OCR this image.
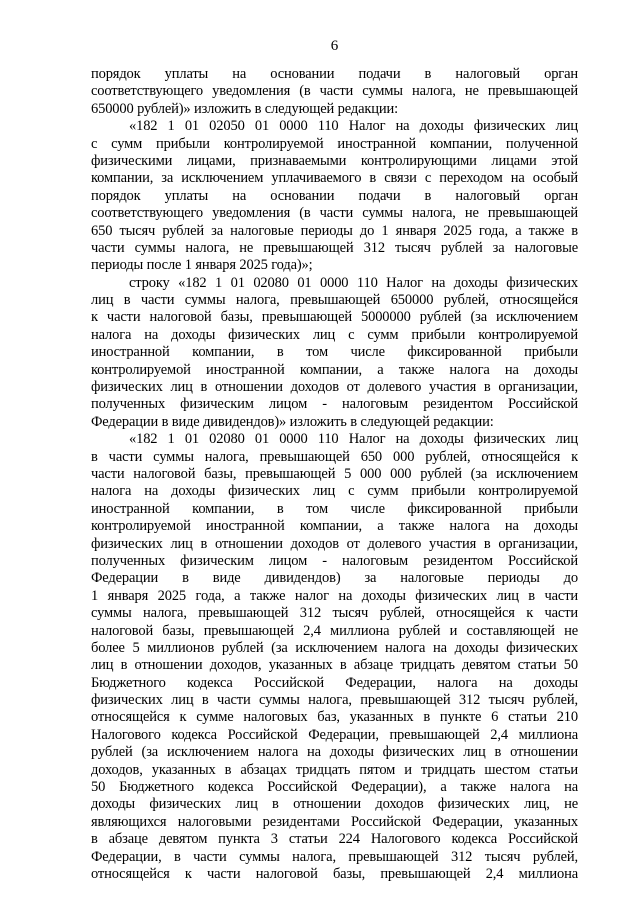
6
порядок уплаты на основании подачи в налоговый орган
соответствующего уведомления (в части суммы налога, не превышающей
650000 рублей)» изложить в следующей редакции:
«182 1 01 02050 01 0000 110 Налог на доходы физических лиц
с сумм прибыли контролируемой иностранной компании, полученной
физическими лицами, признаваемыми контролирующими лицами этой
компании, за исключением уплачиваемого в связи с переходом на особый
порядок уплаты на основании подачи в налоговый орган
соответствующего уведомления (в части суммы налога, не превышающей
650 тысяч рублей за налоговые периоды до 1 января 2025 года, а также в
части суммы налога, не превышающей 312 тысяч рублей за налоговые
периоды после 1 января 2025 года)»;
строку «182 1 01 02080 01 0000 110 Налог на доходы физических
лиц в части суммы налога, превышающей 650000 рублей, относящейся
к части налоговой базы, превышающей 5000000 рублей (за исключением
налога на доходы физических лиц с сумм прибыли контролируемой
иностранной компании, в том числе фиксированной прибыли
контролируемой иностранной компании, а также налога на доходы
физических лиц в отношении доходов от долевого участия в организации,
полученных физическим лицом - налоговым резидентом Российской
Федерации в виде дивидендов)» изложить в следующей редакции:
«182 1 01 02080 01 0000 110 Налог на доходы физических лиц
в части суммы налога, превышающей 650 000 рублей, относящейся к
части налоговой базы, превышающей 5 000 000 рублей (за исключением
налога на доходы физических лиц с сумм прибыли контролируемой
иностранной компании, в том числе фиксированной прибыли
контролируемой иностранной компании, а также налога на доходы
физических лиц в отношении доходов от долевого участия в организации,
полученных физическим лицом - налоговым резидентом Российской
Федерации в виде дивидендов) за налоговые периоды до
1 января 2025 года, а также налог на доходы физических лиц в части
суммы налога, превышающей 312 тысяч рублей, относящейся к части
налоговой базы, превышающей 2,4 миллиона рублей и составляющей не
более 5 миллионов рублей (за исключением налога на доходы физических
лиц в отношении доходов, указанных в абзаце тридцать девятом статьи 50
Бюджетного кодекса Российской Федерации, налога на доходы
физических лиц в части суммы налога, превышающей 312 тысяч рублей,
относящейся к сумме налоговых баз, указанных в пункте 6 статьи 210
Налогового кодекса Российской Федерации, превышающей 2,4 миллиона
рублей (за исключением налога на доходы физических лиц в отношении
доходов, указанных в абзацах тридцать пятом и тридцать шестом статьи
50 Бюджетного кодекса Российской Федерации), а также налога на
доходы физических лиц в отношении доходов физических лиц, не
являющихся налоговыми резидентами Российской Федерации, указанных
в абзаце девятом пункта 3 статьи 224 Налогового кодекса Российской
Федерации, в части суммы налога, превышающей 312 тысяч рублей,
относящейся к части налоговой базы, превышающей 2,4 миллиона
